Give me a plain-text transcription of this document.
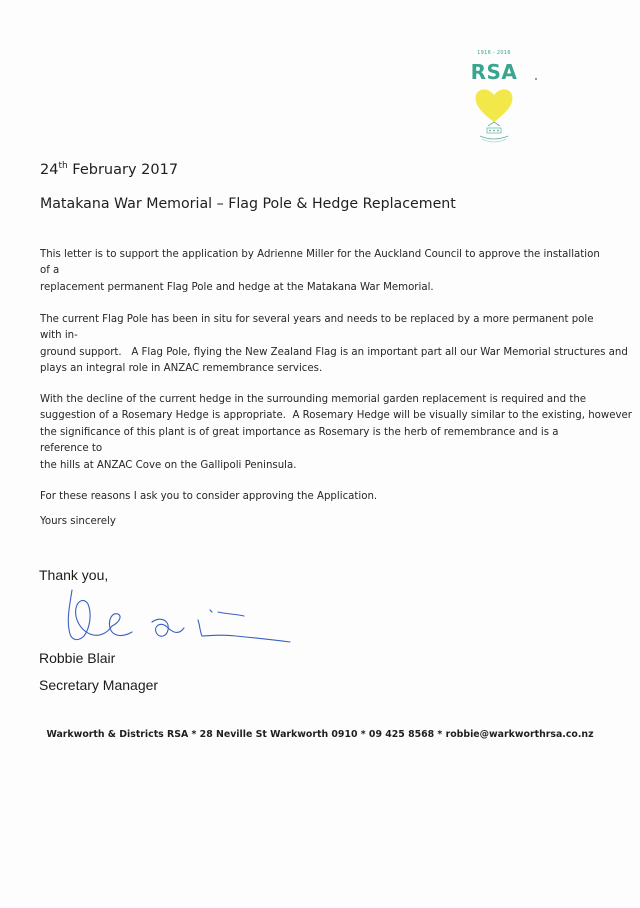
1916 - 2016
RSA
24th February 2017
Matakana War Memorial – Flag Pole & Hedge Replacement
This letter is to support the application by Adrienne Miller for the Auckland Council to approve the installation of a
replacement permanent Flag Pole and hedge at the Matakana War Memorial.
The current Flag Pole has been in situ for several years and needs to be replaced by a more permanent pole with in-
ground support.   A Flag Pole, flying the New Zealand Flag is an important part all our War Memorial structures and
plays an integral role in ANZAC remembrance services.
With the decline of the current hedge in the surrounding memorial garden replacement is required and the
suggestion of a Rosemary Hedge is appropriate.  A Rosemary Hedge will be visually similar to the existing, however
the significance of this plant is of great importance as Rosemary is the herb of remembrance and is a reference to
the hills at ANZAC Cove on the Gallipoli Peninsula.
For these reasons I ask you to consider approving the Application.
Yours sincerely
Thank you,
Robbie Blair
Secretary Manager
Warkworth & Districts RSA * 28 Neville St Warkworth 0910 * 09 425 8568 * robbie@warkworthrsa.co.nz
